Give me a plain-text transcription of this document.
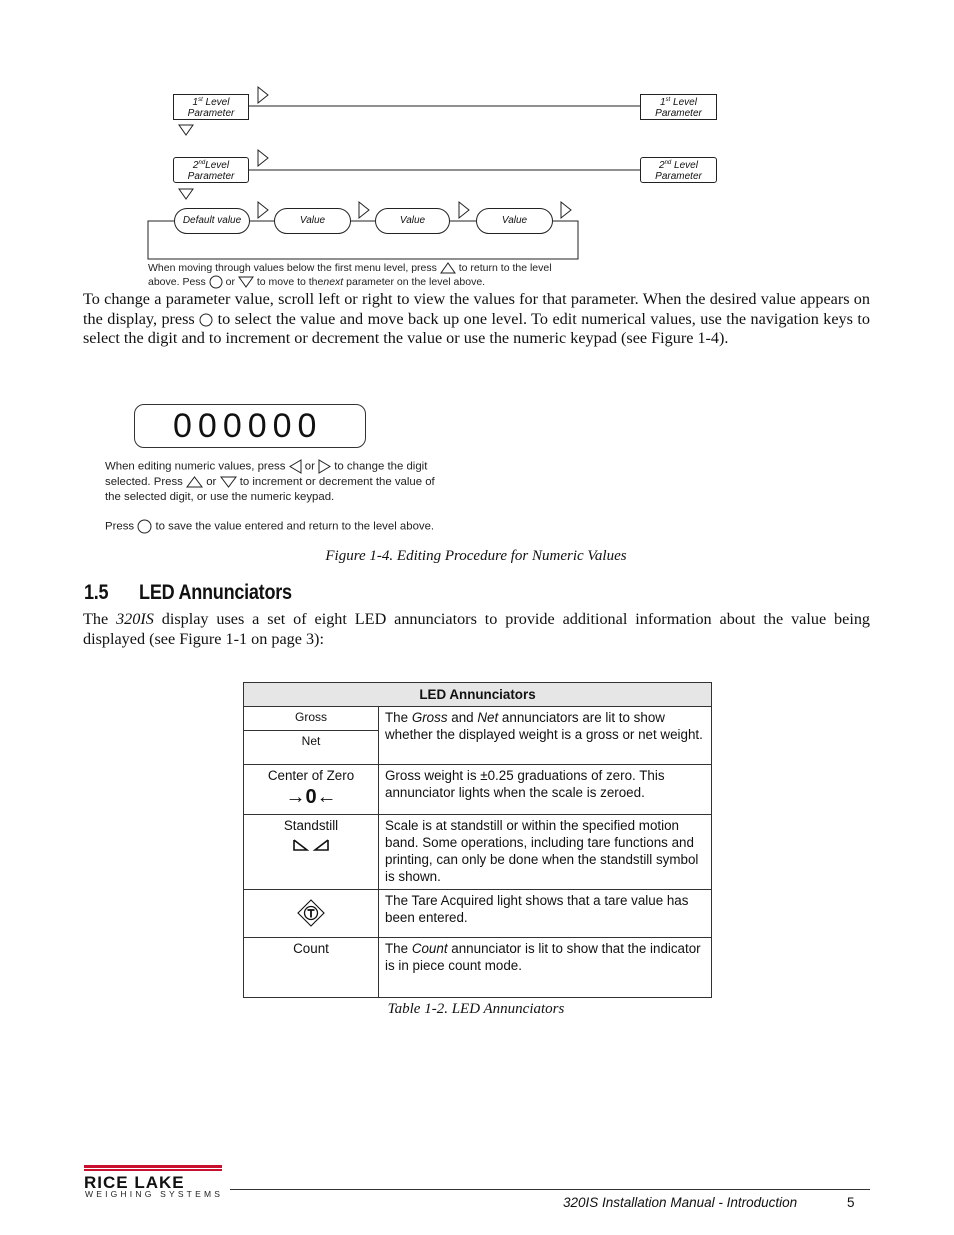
1st Level
Parameter
1st Level
Parameter
2ndLevel
Parameter
2nd Level
Parameter
Default value	Value	Value	Value
When moving through values below the first menu level, press to return to the level
above. Pess or to move to thenext parameter on the level above.
To change a parameter value, scroll left or right to view the values for that parameter. When the desired value appears on the display, press to select the value and move back up one level. To edit numerical values, use the navigation keys to select the digit and to increment or decrement the value or use the numeric keypad (see Figure 1-4).
000000
When editing numeric values, press or to change the digit selected. Press or to increment or decrement the value of the selected digit, or use the numeric keypad.
Press to save the value entered and return to the level above.
Figure 1-4. Editing Procedure for Numeric Values
1.5 LED Annunciators
The 320IS display uses a set of eight LED annunciators to provide additional information about the value being displayed (see Figure 1-1 on page 3):
LED Annunciators	
Gross	The Gross and Net annunciators are lit to show whether the displayed weight is a gross or net weight.
Net	
Center of Zero
→0←	Gross weight is ±0.25 graduations of zero. This annunciator lights when the scale is zeroed.
Standstill	Scale is at standstill or within the specified motion band. Some operations, including tare functions and printing, can only be done when the standstill symbol is shown.
	The Tare Acquired light shows that a tare value has been entered.
Count	The Count annunciator is lit to show that the indicator is in piece count mode.
Table 1-2. LED Annunciators
RICE LAKE
WEIGHING SYSTEMS
320IS Installation Manual - Introduction	5
